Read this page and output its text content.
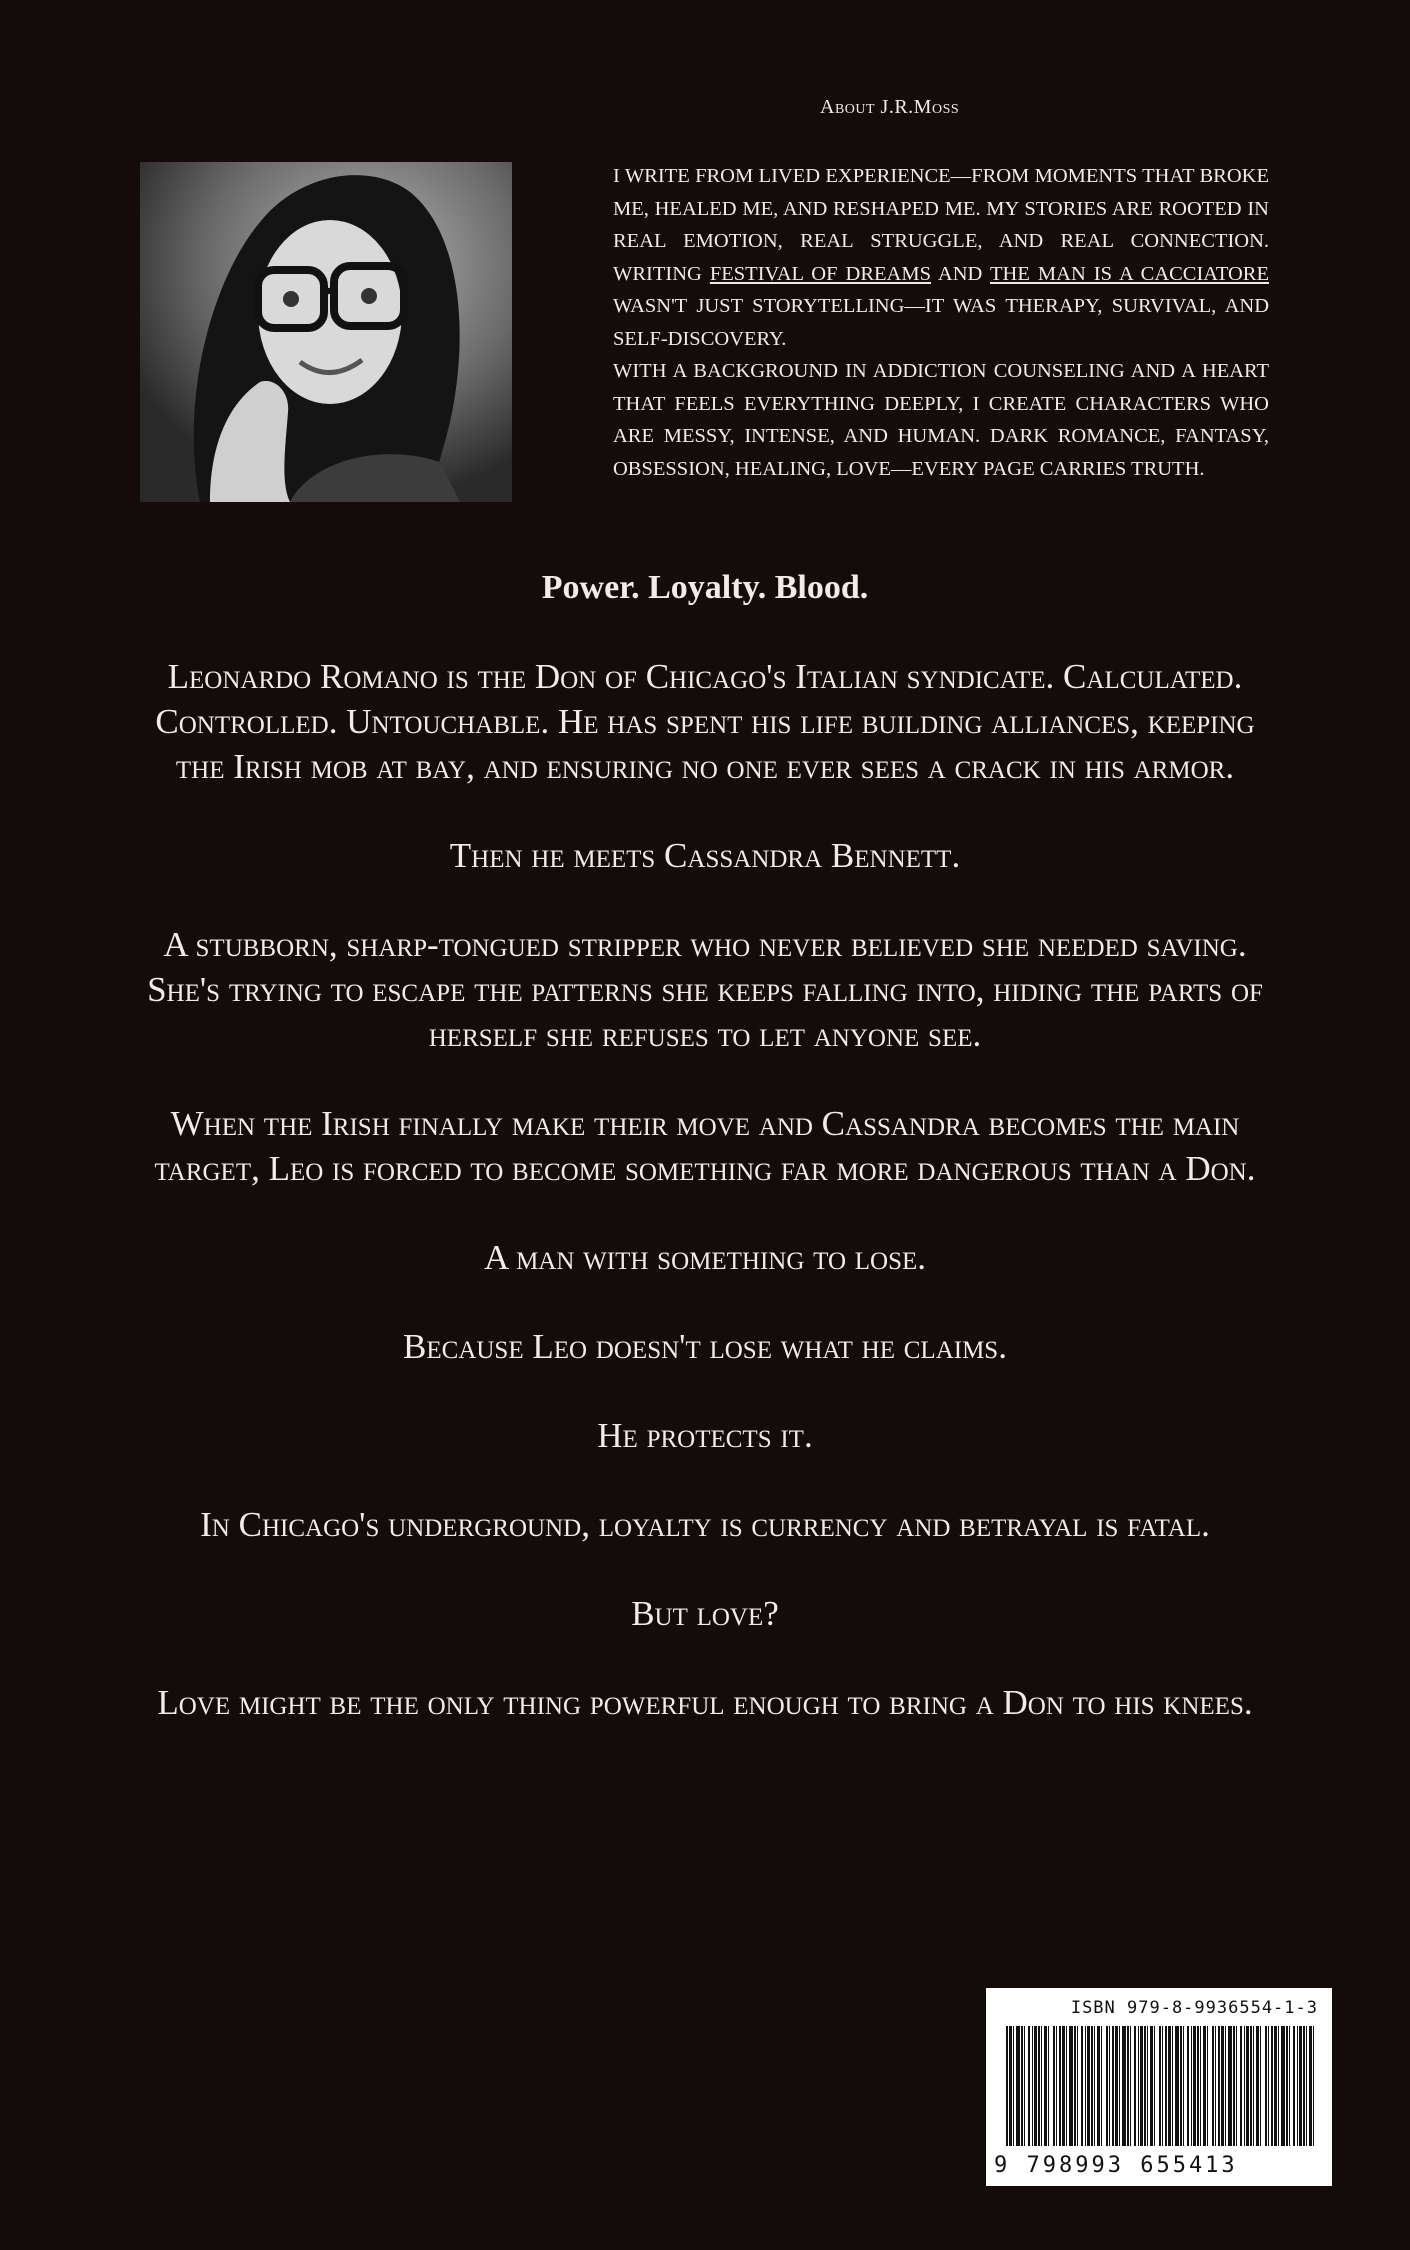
About J.R.Moss

I WRITE FROM LIVED EXPERIENCE—FROM MOMENTS THAT BROKE ME, HEALED ME, AND RESHAPED ME. MY STORIES ARE ROOTED IN REAL EMOTION, REAL STRUGGLE, AND REAL CONNECTION. WRITING FESTIVAL OF DREAMS AND THE MAN IS A CACCIATORE WASN'T JUST STORYTELLING—IT WAS THERAPY, SURVIVAL, AND SELF-DISCOVERY.

WITH A BACKGROUND IN ADDICTION COUNSELING AND A HEART THAT FEELS EVERYTHING DEEPLY, I CREATE CHARACTERS WHO ARE MESSY, INTENSE, AND HUMAN. DARK ROMANCE, FANTASY, OBSESSION, HEALING, LOVE—EVERY PAGE CARRIES TRUTH.

Power. Loyalty. Blood.

Leonardo Romano is the Don of Chicago's Italian syndicate. Calculated. Controlled. Untouchable. He has spent his life building alliances, keeping the Irish mob at bay, and ensuring no one ever sees a crack in his armor.

Then he meets Cassandra Bennett.

A stubborn, sharp-tongued stripper who never believed she needed saving. She's trying to escape the patterns she keeps falling into, hiding the parts of herself she refuses to let anyone see.

When the Irish finally make their move and Cassandra becomes the main target, Leo is forced to become something far more dangerous than a Don.

A man with something to lose.

Because Leo doesn't lose what he claims.

He protects it.

In Chicago's underground, loyalty is currency and betrayal is fatal.

But love?

Love might be the only thing powerful enough to bring a Don to his knees.

ISBN 979-8-9936554-1-3
9 798993 655413
